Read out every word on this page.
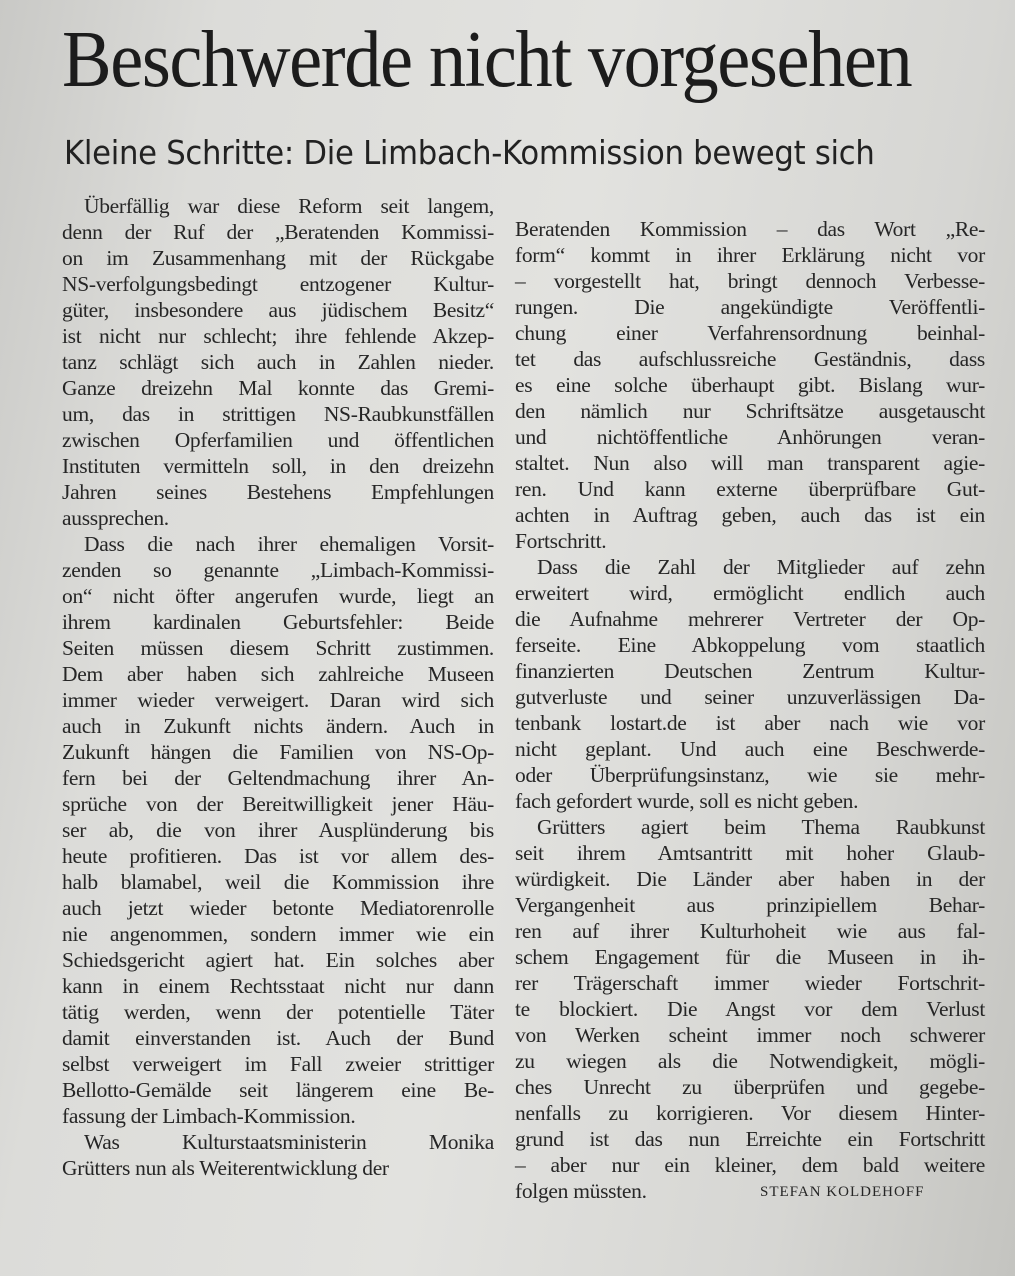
Beschwerde nicht vorgesehen
Kleine Schritte: Die Limbach-Kommission bewegt sich
Überfällig war diese Reform seit langem,
denn der Ruf der „Beratenden Kommissi-
on im Zusammenhang mit der Rückgabe
NS-verfolgungsbedingt entzogener Kultur-
güter, insbesondere aus jüdischem Besitz“
ist nicht nur schlecht; ihre fehlende Akzep-
tanz schlägt sich auch in Zahlen nieder.
Ganze dreizehn Mal konnte das Gremi-
um, das in strittigen NS-Raubkunstfällen
zwischen Opferfamilien und öffentlichen
Instituten vermitteln soll, in den dreizehn
Jahren seines Bestehens Empfehlungen
aussprechen.
Dass die nach ihrer ehemaligen Vorsit-
zenden so genannte „Limbach-Kommissi-
on“ nicht öfter angerufen wurde, liegt an
ihrem kardinalen Geburtsfehler: Beide
Seiten müssen diesem Schritt zustimmen.
Dem aber haben sich zahlreiche Museen
immer wieder verweigert. Daran wird sich
auch in Zukunft nichts ändern. Auch in
Zukunft hängen die Familien von NS-Op-
fern bei der Geltendmachung ihrer An-
sprüche von der Bereitwilligkeit jener Häu-
ser ab, die von ihrer Ausplünderung bis
heute profitieren. Das ist vor allem des-
halb blamabel, weil die Kommission ihre
auch jetzt wieder betonte Mediatorenrolle
nie angenommen, sondern immer wie ein
Schiedsgericht agiert hat. Ein solches aber
kann in einem Rechtsstaat nicht nur dann
tätig werden, wenn der potentielle Täter
damit einverstanden ist. Auch der Bund
selbst verweigert im Fall zweier strittiger
Bellotto-Gemälde seit längerem eine Be-
fassung der Limbach-Kommission.
Was Kulturstaatsministerin Monika
Grütters nun als Weiterentwicklung der
Beratenden Kommission – das Wort „Re-
form“ kommt in ihrer Erklärung nicht vor
– vorgestellt hat, bringt dennoch Verbesse-
rungen. Die angekündigte Veröffentli-
chung einer Verfahrensordnung beinhal-
tet das aufschlussreiche Geständnis, dass
es eine solche überhaupt gibt. Bislang wur-
den nämlich nur Schriftsätze ausgetauscht
und nichtöffentliche Anhörungen veran-
staltet. Nun also will man transparent agie-
ren. Und kann externe überprüfbare Gut-
achten in Auftrag geben, auch das ist ein
Fortschritt.
Dass die Zahl der Mitglieder auf zehn
erweitert wird, ermöglicht endlich auch
die Aufnahme mehrerer Vertreter der Op-
ferseite. Eine Abkoppelung vom staatlich
finanzierten Deutschen Zentrum Kultur-
gutverluste und seiner unzuverlässigen Da-
tenbank lostart.de ist aber nach wie vor
nicht geplant. Und auch eine Beschwerde-
oder Überprüfungsinstanz, wie sie mehr-
fach gefordert wurde, soll es nicht geben.
Grütters agiert beim Thema Raubkunst
seit ihrem Amtsantritt mit hoher Glaub-
würdigkeit. Die Länder aber haben in der
Vergangenheit aus prinzipiellem Behar-
ren auf ihrer Kulturhoheit wie aus fal-
schem Engagement für die Museen in ih-
rer Trägerschaft immer wieder Fortschrit-
te blockiert. Die Angst vor dem Verlust
von Werken scheint immer noch schwerer
zu wiegen als die Notwendigkeit, mögli-
ches Unrecht zu überprüfen und gegebe-
nenfalls zu korrigieren. Vor diesem Hinter-
grund ist das nun Erreichte ein Fortschritt
– aber nur ein kleiner, dem bald weitere
folgen müssten.	STEFAN KOLDEHOFF
